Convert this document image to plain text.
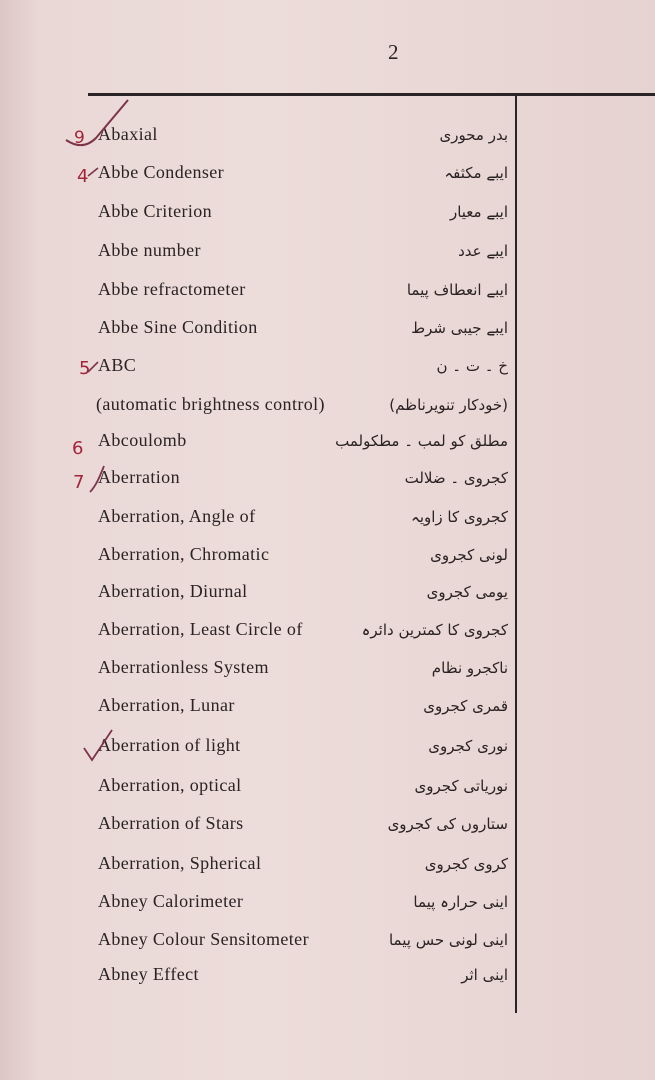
2
Abaxial	بدر محوری
Abbe Condenser	ایبے مکثفہ
Abbe Criterion	ایبے معیار
Abbe number	ایبے عدد
Abbe refractometer	ایبے انعطاف پیما
Abbe Sine Condition	ایبے جیبی شرط
ABC	خ ۔ ت ۔ ن
(automatic brightness control)	(خودکار تنویرناظم)
Abcoulomb	مطلق کو لمب ۔ مطکولمب
Aberration	کجروی ۔ ضلالت
Aberration, Angle of	کجروی کا زاویہ
Aberration, Chromatic	لونی کجروی
Aberration, Diurnal	یومی کجروی
Aberration, Least Circle of	کجروی کا کمترین دائرہ
Aberrationless System	ناکجرو نظام
Aberration, Lunar	قمری کجروی
Aberration of light	نوری کجروی
Aberration, optical	نوریاتی کجروی
Aberration of Stars	ستاروں کی کجروی
Aberration, Spherical	کروی کجروی
Abney Calorimeter	اینی حرارہ پیما
Abney Colour Sensitometer	اینی لونی حس پیما
Abney Effect	اینی اثر
9
4
5
6
7
